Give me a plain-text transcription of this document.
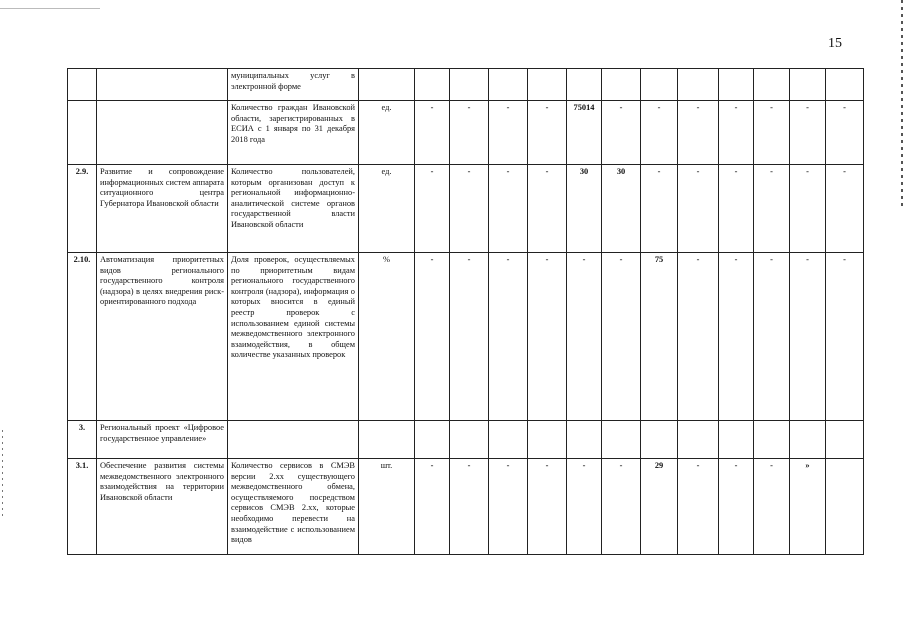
15
		муниципальных услуг в электронной форме													
		Количество граждан Ивановской области, зарегистрированных в ЕСИА с 1 января по 31 декабря 2018 года	ед.	-	-	-	-	75014	-	-	-	-	-	-	-
2.9.	Развитие и сопровождение информационных систем аппарата ситуационного центра Губернатора Ивановской области	Количество пользователей, которым организован доступ к региональной информационно-аналитической системе органов государственной власти Ивановской области	ед.	-	-	-	-	30	30	-	-	-	-	-	-
2.10.	Автоматизация приоритетных видов регионального государственного контроля (надзора) в целях внедрения риск-ориентированного подхода	Доля проверок, осуществляемых по приоритетным видам регионального государственного контроля (надзора), информация о которых вносится в единый реестр проверок с использованием единой системы межведомственного электронного взаимодействия, в общем количестве указанных проверок	%	-	-	-	-	-	-	75	-	-	-	-	-
3.	Региональный проект «Цифровое государственное управление»														
3.1.	Обеспечение развития системы межведомственного электронного взаимодействия на территории Ивановской области	Количество сервисов в СМЭВ версии 2.хх существующего межведомственного обмена, осуществляемого посредством сервисов СМЭВ 2.хх, которые необходимо перевести на взаимодействие с использованием видов	шт.	-	-	-	-	-	-	29	-	-	-	»	
